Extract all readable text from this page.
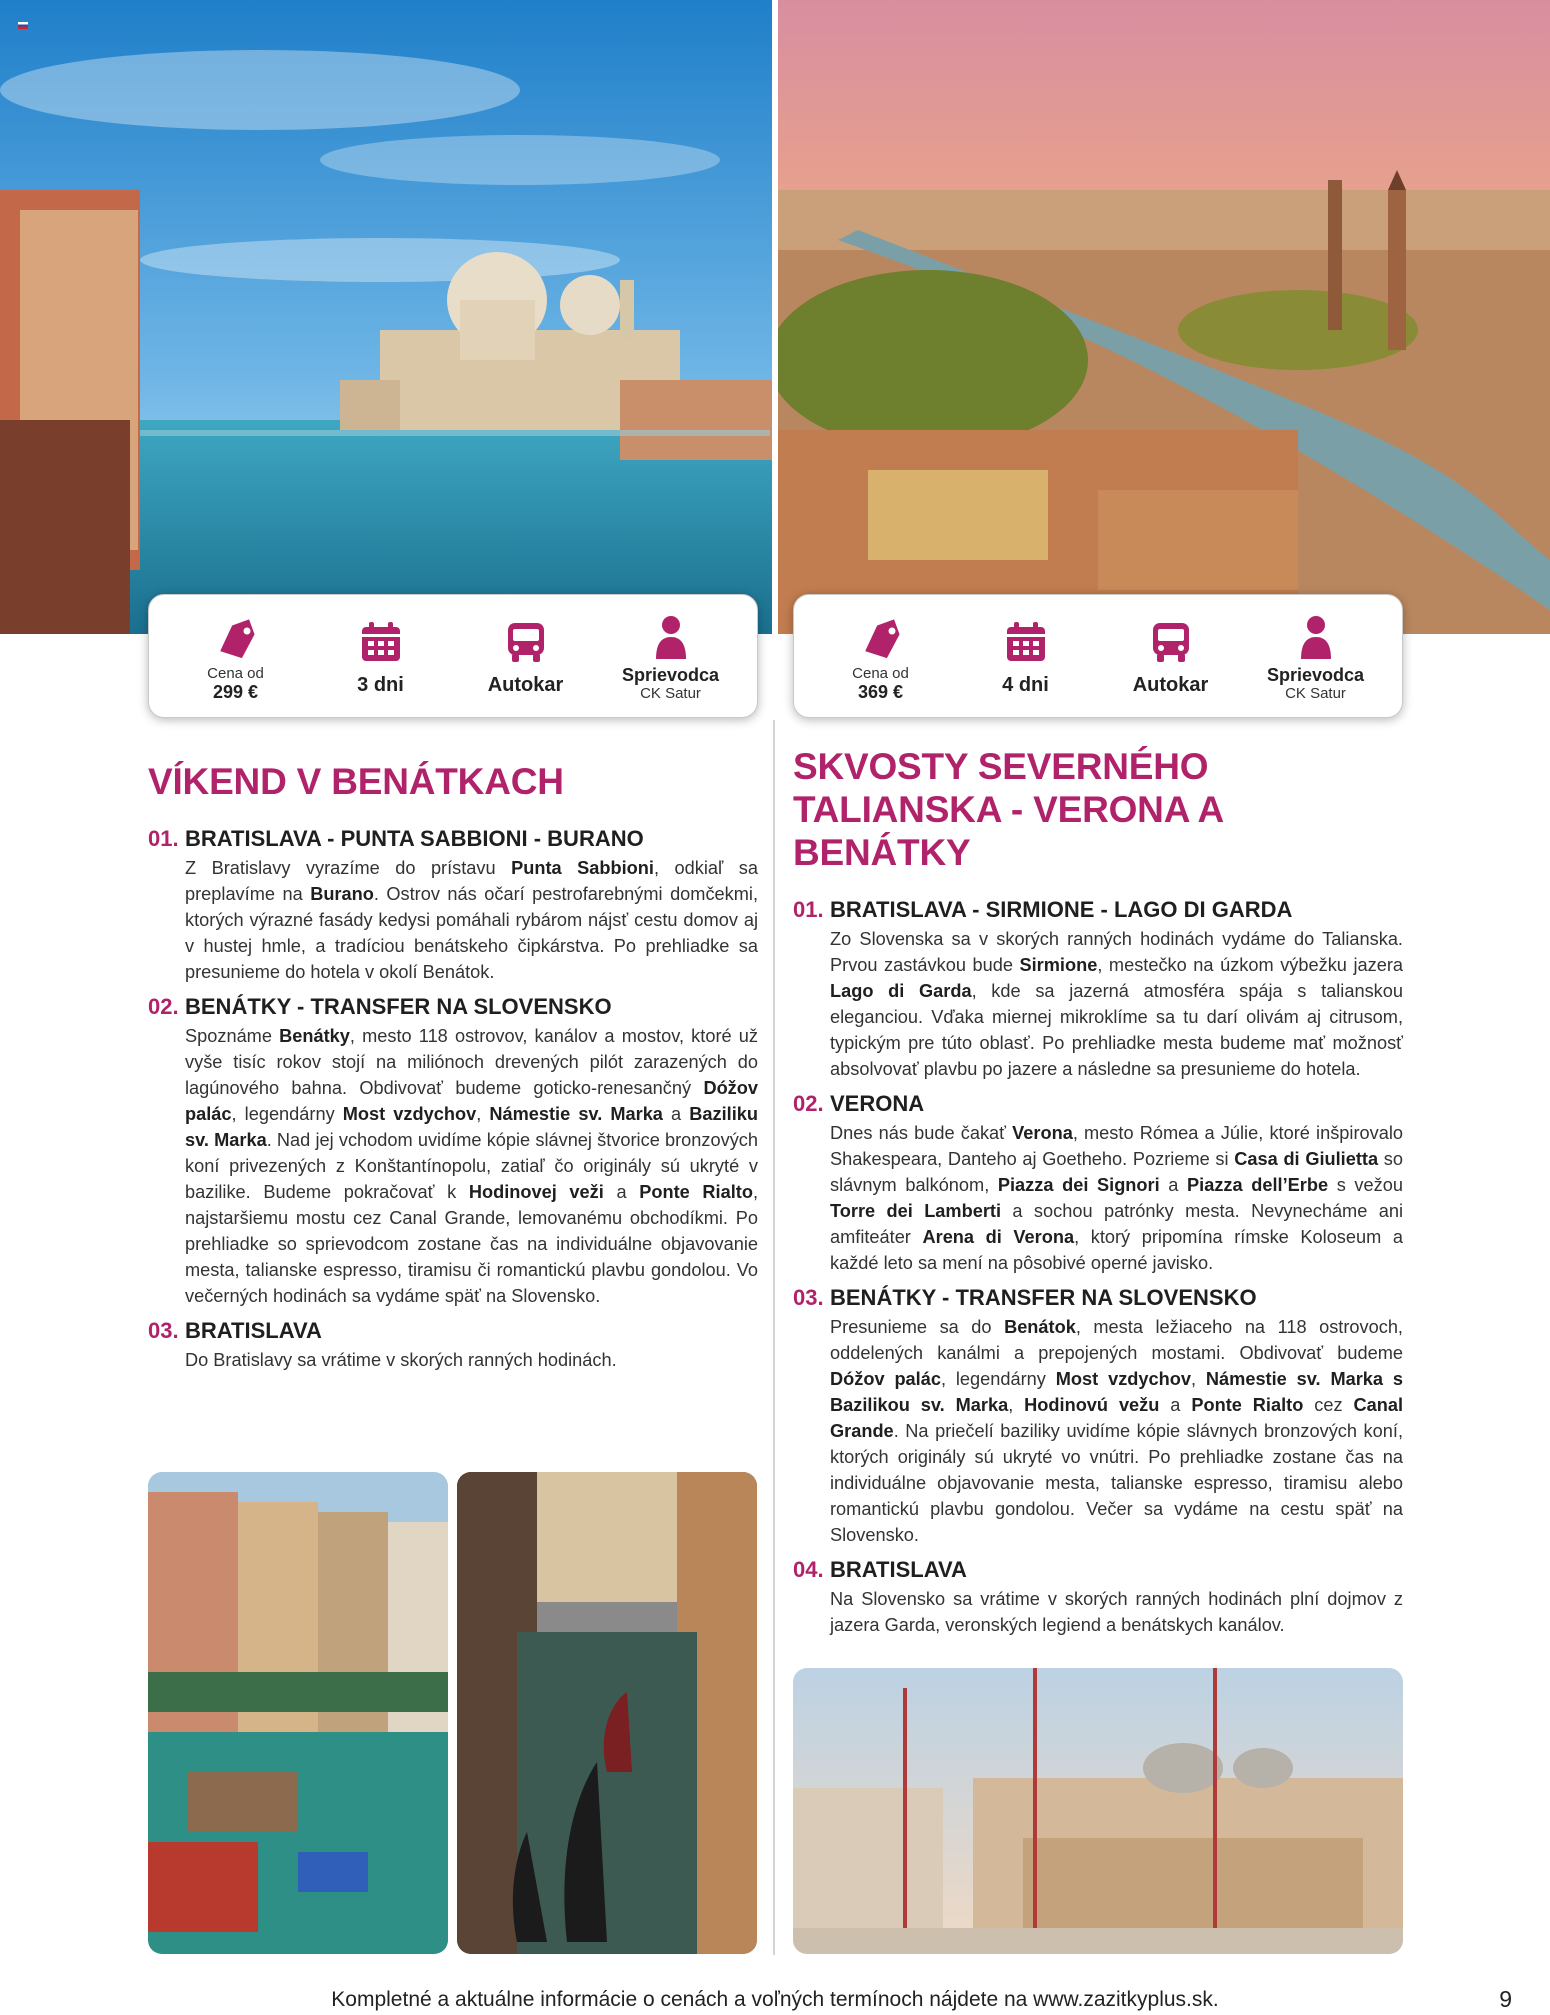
Cena od
299 €	3 dni	Autokar	Sprievodca
CK Satur
Cena od
369 €	4 dni	Autokar	Sprievodca
CK Satur
VÍKEND V BENÁTKACH
01. BRATISLAVA - PUNTA SABBIONI - BURANO
Z Bratislavy vyrazíme do prístavu Punta Sabbioni, odkiaľ sa preplavíme na Burano. Ostrov nás očarí pestrofarebnými domčekmi, ktorých výrazné fasády kedysi pomáhali rybárom nájsť cestu domov aj v hustej hmle, a tradíciou benátskeho čipkárstva. Po prehliadke sa presunieme do hotela v okolí Benátok.
02. BENÁTKY - TRANSFER NA SLOVENSKO
Spoznáme Benátky, mesto 118 ostrovov, kanálov a mostov, ktoré už vyše tisíc rokov stojí na miliónoch drevených pilót zarazených do lagúnového bahna. Obdivovať budeme goticko-renesančný Dóžov palác, legendárny Most vzdychov, Námestie sv. Marka a Baziliku sv. Marka. Nad jej vchodom uvidíme kópie slávnej štvorice bronzových koní privezených z Konštantínopolu, zatiaľ čo originály sú ukryté v bazilike. Budeme pokračovať k Hodinovej veži a Ponte Rialto, najstaršiemu mostu cez Canal Grande, lemovanému obchodíkmi. Po prehliadke so sprievodcom zostane čas na individuálne objavovanie mesta, talianske espresso, tiramisu či romantickú plavbu gondolou. Vo večerných hodinách sa vydáme späť na Slovensko.
03. BRATISLAVA
Do Bratislavy sa vrátime v skorých ranných hodinách.
SKVOSTY SEVERNÉHO
TALIANSKA - VERONA A BENÁTKY
01. BRATISLAVA - SIRMIONE - LAGO DI GARDA
Zo Slovenska sa v skorých ranných hodinách vydáme do Talianska. Prvou zastávkou bude Sirmione, mestečko na úzkom výbežku jazera Lago di Garda, kde sa jazerná atmosféra spája s talianskou eleganciou. Vďaka miernej mikroklíme sa tu darí olivám aj citrusom, typickým pre túto oblasť. Po prehliadke mesta budeme mať možnosť absolvovať plavbu po jazere a následne sa presunieme do hotela.
02. VERONA
Dnes nás bude čakať Verona, mesto Rómea a Júlie, ktoré inšpirovalo Shakespeara, Danteho aj Goetheho. Pozrieme si Casa di Giulietta so slávnym balkónom, Piazza dei Signori a Piazza dell’Erbe s vežou Torre dei Lamberti a sochou patrónky mesta. Nevynecháme ani amfiteáter Arena di Verona, ktorý pripomína rímske Koloseum a každé leto sa mení na pôsobivé operné javisko.
03. BENÁTKY - TRANSFER NA SLOVENSKO
Presunieme sa do Benátok, mesta ležiaceho na 118 ostrovoch, oddelených kanálmi a prepojených mostami. Obdivovať budeme Dóžov palác, legendárny Most vzdychov, Námestie sv. Marka s Bazilikou sv. Marka, Hodinovú vežu a Ponte Rialto cez Canal Grande. Na priečelí baziliky uvidíme kópie slávnych bronzových koní, ktorých originály sú ukryté vo vnútri. Po prehliadke zostane čas na individuálne objavovanie mesta, talianske espresso, tiramisu alebo romantickú plavbu gondolou. Večer sa vydáme na cestu späť na Slovensko.
04. BRATISLAVA
Na Slovensko sa vrátime v skorých ranných hodinách plní dojmov z jazera Garda, veronských legiend a benátskych kanálov.
Kompletné a aktuálne informácie o cenách a voľných termínoch nájdete na www.zazitkyplus.sk.	9
